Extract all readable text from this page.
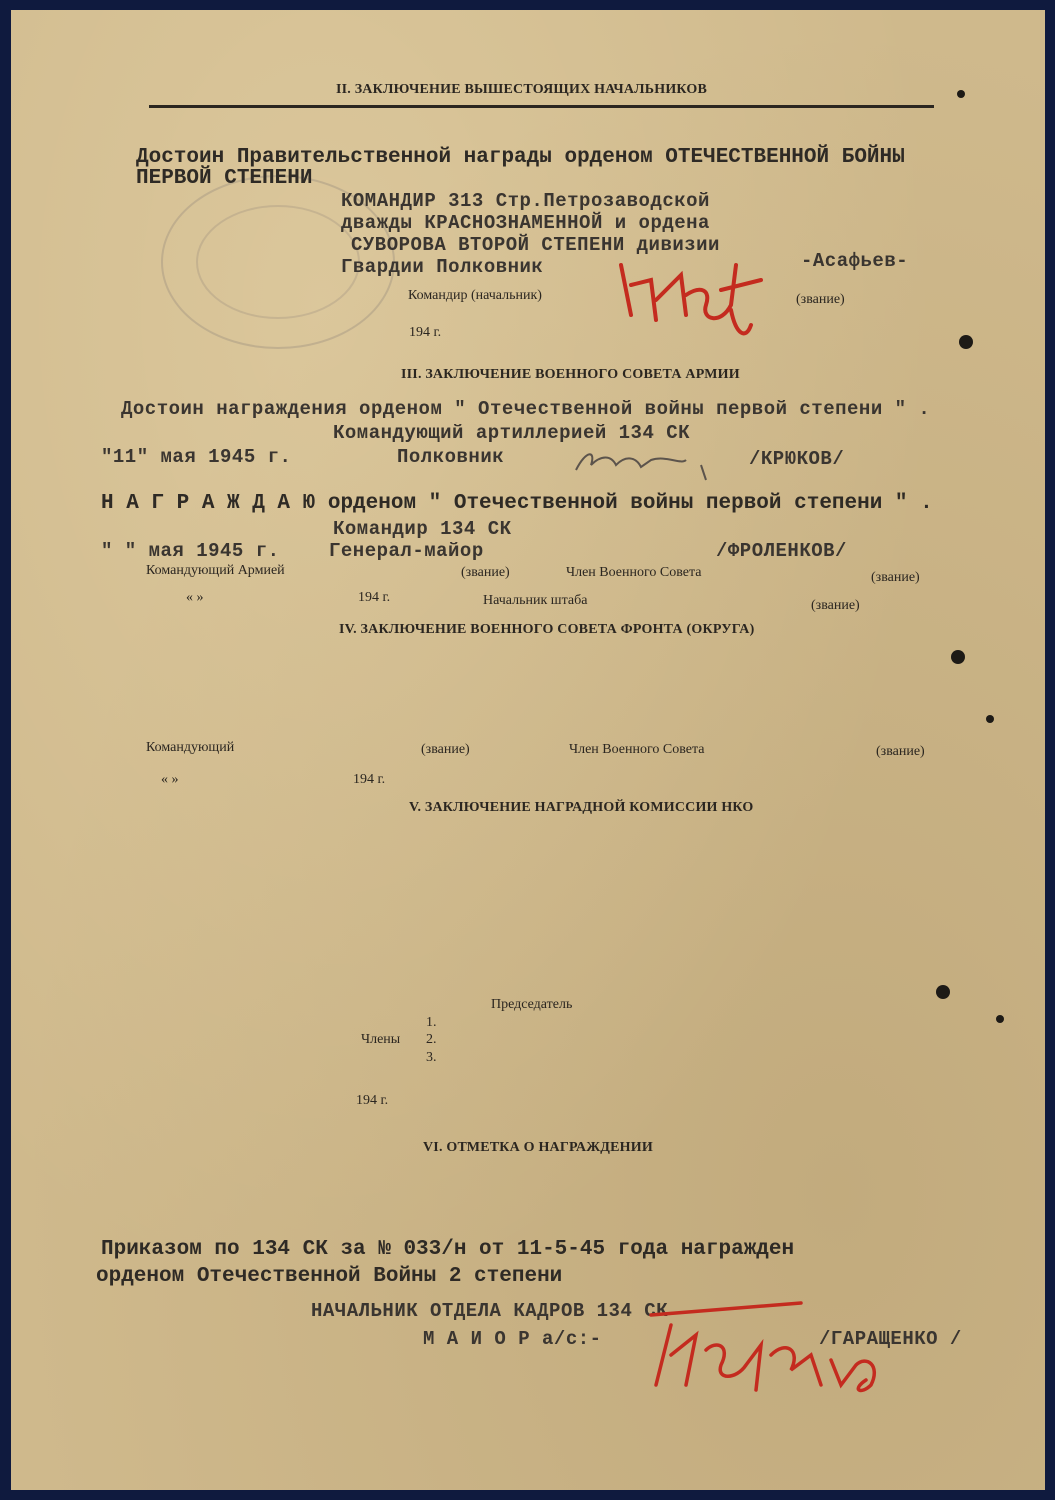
II. ЗАКЛЮЧЕНИЕ ВЫШЕСТОЯЩИХ НАЧАЛЬНИКОВ
Достоин Правительственной награды орденом ОТЕЧЕСТВЕННОЙ БОЙНЫ
ПЕРВОЙ СТЕПЕНИ
КОМАНДИР 313 Стр.Петрозаводской
дважды КРАСНОЗНАМЕННОЙ и ордена
СУВОРОВА ВТОРОЙ СТЕПЕНИ дивизии
Гвардии Полковник	-Асафьев-
Командир (начальник)	(звание)
194 г.
III. ЗАКЛЮЧЕНИЕ ВОЕННОГО СОВЕТА АРМИИ
Достоин награждения орденом " Отечественной войны первой степени " .
Командующий артиллерией 134 СК
"11" мая 1945 г.	Полковник	/КРЮКОВ/
Н А Г Р А Ж Д А Ю орденом " Отечественной войны первой степени " .
Командир 134 СК
" " мая 1945 г.	Генерал-майор	/ФРОЛЕНКОВ/
Командующий Армией	(звание)	Член Военного Совета	(звание)
« »	194 г.	Начальник штаба	(звание)
IV. ЗАКЛЮЧЕНИЕ ВОЕННОГО СОВЕТА ФРОНТА (ОКРУГА)
Командующий	(звание)	Член Военного Совета	(звание)
« »	194 г.
V. ЗАКЛЮЧЕНИЕ НАГРАДНОЙ КОМИССИИ НКО
Председатель
1.
Члены 2.
3.
194 г.
VI. ОТМЕТКА О НАГРАЖДЕНИИ
Приказом по 134 СК за № 033/н от 11-5-45 года награжден
орденом Отечественной Войны 2 степени
НАЧАЛЬНИК ОТДЕЛА КАДРОВ 134 СК
М А И О Р а/с:-	/ГАРАЩЕНКО /
